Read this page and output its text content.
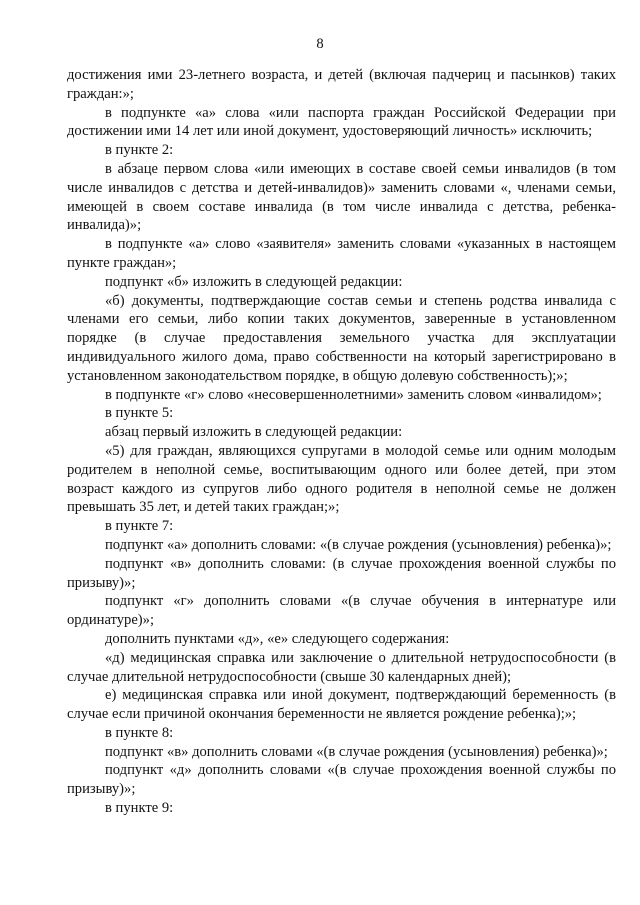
8

достижения ими 23-летнего возраста, и детей (включая падчериц и пасынков) таких граждан:»;

в подпункте «а» слова «или паспорта граждан Российской Федерации при достижении ими 14 лет или иной документ, удостоверяющий личность» исключить;

в пункте 2:

в абзаце первом слова «или имеющих в составе своей семьи инвалидов (в том числе инвалидов с детства и детей-инвалидов)» заменить словами «, членами семьи, имеющей в своем составе инвалида (в том числе инвалида с детства, ребенка-инвалида)»;

в подпункте «а» слово «заявителя» заменить словами «указанных в настоящем пункте граждан»;

подпункт «б» изложить в следующей редакции:

«б) документы, подтверждающие состав семьи и степень родства инвалида с членами его семьи, либо копии таких документов, заверенные в установленном порядке (в случае предоставления земельного участка для эксплуатации индивидуального жилого дома, право собственности на который зарегистрировано в установленном законодательством порядке, в общую долевую собственность);»;

в подпункте «г» слово «несовершеннолетними» заменить словом «инвалидом»;

в пункте 5:

абзац первый изложить в следующей редакции:

«5) для граждан, являющихся супругами в молодой семье или одним молодым родителем в неполной семье, воспитывающим одного или более детей, при этом возраст каждого из супругов либо одного родителя в неполной семье не должен превышать 35 лет, и детей таких граждан;»;

в пункте 7:

подпункт «а» дополнить словами: «(в случае рождения (усыновления) ребенка)»;

подпункт «в» дополнить словами: (в случае прохождения военной службы по призыву)»;

подпункт «г» дополнить словами «(в случае обучения в интернатуре или ординатуре)»;

дополнить пунктами «д», «е» следующего содержания:

«д) медицинская справка или заключение о длительной нетрудоспособности (в случае длительной нетрудоспособности (свыше 30 календарных дней);

е) медицинская справка или иной документ, подтверждающий беременность (в случае если причиной окончания беременности не является рождение ребенка);»;

в пункте 8:

подпункт «в» дополнить словами «(в случае рождения (усыновления) ребенка)»;

подпункт «д» дополнить словами «(в случае прохождения военной службы по призыву)»;

в пункте 9:
